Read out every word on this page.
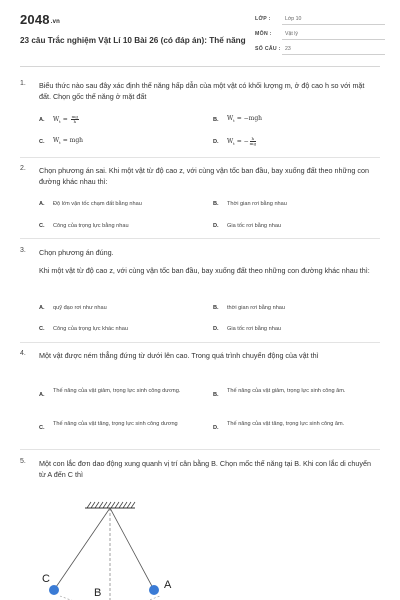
2048.vn
23 câu Trắc nghiệm Vật Lí 10 Bài 26 (có đáp án): Thế năng
LỚP :	Lớp 10
MÔN :	Vật lý
SỐ CÂU : 23
1. Biểu thức nào sau đây xác định thế năng hấp dẫn của một vật có khối lượng m, ở độ cao h so với mặt đất. Chọn gốc thế năng ở mặt đất
A. $W_t = \frac{mg}{h}$	B. $W_t = -mgh$
C. $W_t$ = mgh	D. $W_t$ = − $\frac{h}{mg}$
2. Chọn phương án sai. Khi một vật từ độ cao z, với cùng vận tốc ban đầu, bay xuống đất theo những con đường khác nhau thì:
A. Độ lớn vận tốc chạm đất bằng nhau	B. Thời gian rơi bằng nhau
C. Công của trọng lực bằng nhau	D. Gia tốc rơi bằng nhau
3. Chọn phương án đúng.
Khi một vật từ độ cao z, với cùng vận tốc ban đầu, bay xuống đất theo những con đường khác nhau thì:
A. quỹ đạo rơi như nhau	B. thời gian rơi bằng nhau
C. Công của trọng lực khác nhau	D. Gia tốc rơi bằng nhau
4. Một vật được ném thẳng đứng từ dưới lên cao. Trong quá trình chuyển động của vật thì
A.
Thế năng của vật giảm, trọng lực sinh công dương.
B.
Thế năng của vật giảm, trọng lực sinh công âm.
C.
Thế năng của vật tăng, trọng lực sinh công dương
D.
Thế năng của vật tăng, trọng lực sinh công âm.
5. Một con lắc đơn dao động xung quanh vị trí cân bằng B. Chọn mốc thế năng tại B. Khi con lắc di chuyển từ A đến C thì
C
B
A
